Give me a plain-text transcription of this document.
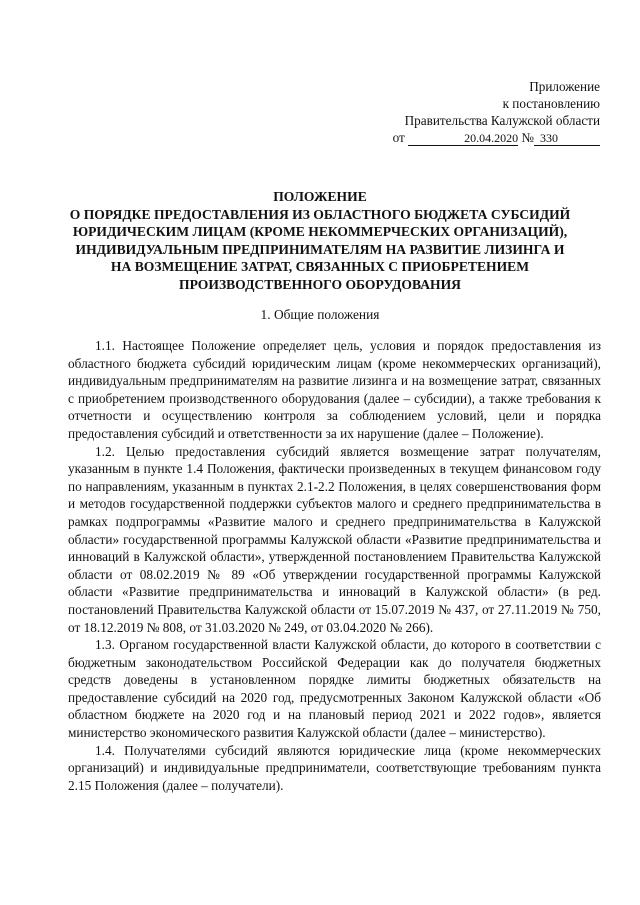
Приложение
к постановлению
Правительства Калужской области
от	20.04.2020 № 330
ПОЛОЖЕНИЕ
О ПОРЯДКЕ ПРЕДОСТАВЛЕНИЯ ИЗ ОБЛАСТНОГО БЮДЖЕТА СУБСИДИЙ
ЮРИДИЧЕСКИМ ЛИЦАМ (КРОМЕ НЕКОММЕРЧЕСКИХ ОРГАНИЗАЦИЙ),
ИНДИВИДУАЛЬНЫМ ПРЕДПРИНИМАТЕЛЯМ НА РАЗВИТИЕ ЛИЗИНГА И
НА ВОЗМЕЩЕНИЕ ЗАТРАТ, СВЯЗАННЫХ С ПРИОБРЕТЕНИЕМ
ПРОИЗВОДСТВЕННОГО ОБОРУДОВАНИЯ
1. Общие положения

1.1. Настоящее Положение определяет цель, условия и порядок предоставления из областного бюджета субсидий юридическим лицам (кроме некоммерческих организаций), индивидуальным предпринимателям на развитие лизинга и на возмещение затрат, связанных с приобретением производственного оборудования (далее – субсидии), а также требования к отчетности и осуществлению контроля за соблюдением условий, цели и порядка предоставления субсидий и ответственности за их нарушение (далее – Положение).

1.2. Целью предоставления субсидий является возмещение затрат получателям, указанным в пункте 1.4 Положения, фактически произведенных в текущем финансовом году по направлениям, указанным в пунктах 2.1-2.2 Положения, в целях совершенствования форм и методов государственной поддержки субъектов малого и среднего предпринимательства в рамках подпрограммы «Развитие малого и среднего предпринимательства в Калужской области» государственной программы Калужской области «Развитие предпринимательства и инноваций в Калужской области», утвержденной постановлением Правительства Калужской области от 08.02.2019 № 89 «Об утверждении государственной программы Калужской области «Развитие предпринимательства и инноваций в Калужской области» (в ред. постановлений Правительства Калужской области от 15.07.2019 № 437, от 27.11.2019 № 750, от 18.12.2019 № 808, от 31.03.2020 № 249, от 03.04.2020 № 266).

1.3. Органом государственной власти Калужской области, до которого в соответствии с бюджетным законодательством Российской Федерации как до получателя бюджетных средств доведены в установленном порядке лимиты бюджетных обязательств на предоставление субсидий на 2020 год, предусмотренных Законом Калужской области «Об областном бюджете на 2020 год и на плановый период 2021 и 2022 годов», является министерство экономического развития Калужской области (далее – министерство).

1.4. Получателями субсидий являются юридические лица (кроме некоммерческих организаций) и индивидуальные предприниматели, соответствующие требованиям пункта 2.15 Положения (далее – получатели).
